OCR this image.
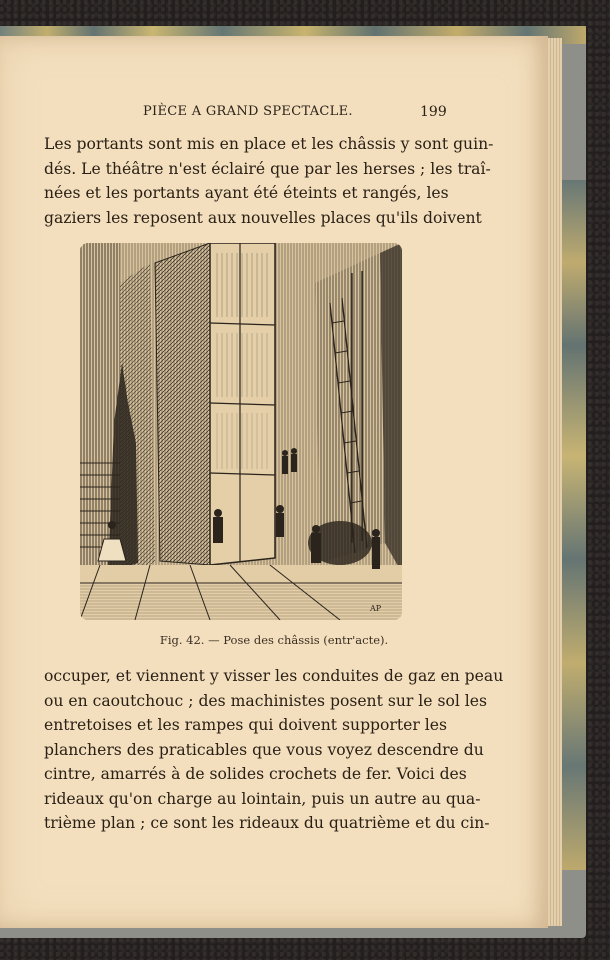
PIÈCE A GRAND SPECTACLE.	199
Les portants sont mis en place et les châssis y sont guin-
dés. Le théâtre n'est éclairé que par les herses ; les traî-
nées et les portants ayant été éteints et rangés, les
gaziers les reposent aux nouvelles places qu'ils doivent
AP
Fig. 42. — Pose des châssis (entr'acte).
occuper, et viennent y visser les conduites de gaz en peau
ou en caoutchouc ; des machinistes posent sur le sol les
entretoises et les rampes qui doivent supporter les
planchers des praticables que vous voyez descendre du
cintre, amarrés à de solides crochets de fer. Voici des
rideaux qu'on charge au lointain, puis un autre au qua-
trième plan ; ce sont les rideaux du quatrième et du cin-
